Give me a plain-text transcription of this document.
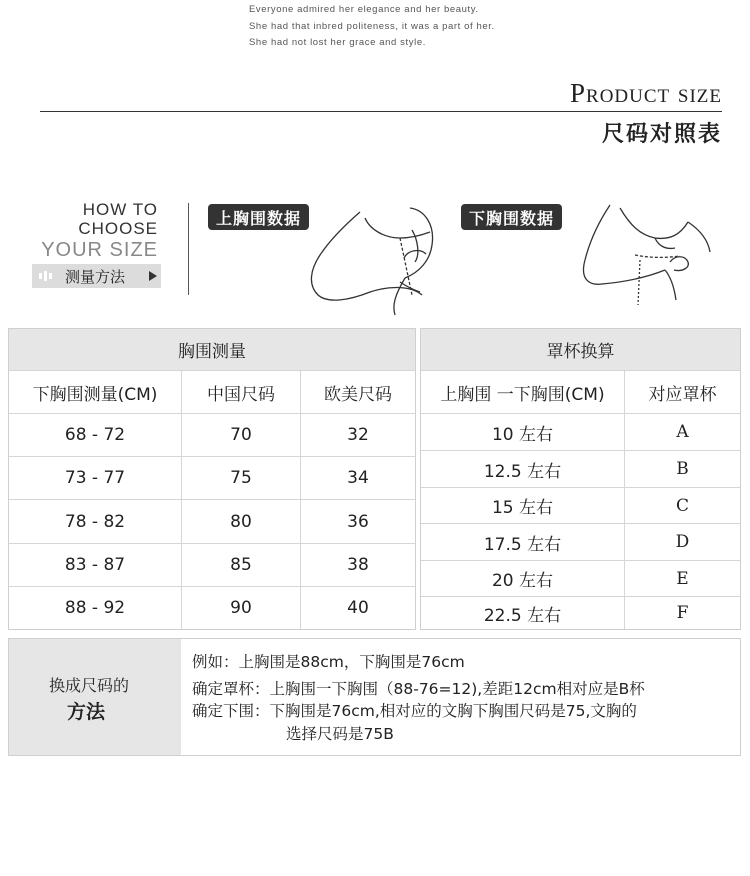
Everyone admired her elegance and her beauty.
She had that inbred politeness, it was a part of her.
She had not lost her grace and style.
Product size
尺码对照表
HOW TO
CHOOSE
YOUR SIZE
测量方法
上胸围数据	下胸围数据
胸围测量
下胸围测量(CM)	中国尺码	欧美尺码
68 - 72	70	32
73 - 77	75	34
78 - 82	80	36
83 - 87	85	38
88 - 92	90	40
罩杯换算
上胸围 一下胸围(CM)	对应罩杯
10 左右	A
12.5 左右	B
15 左右	C
17.5 左右	D
20 左右	E
22.5 左右	F
换成尺码的
方法
例如：上胸围是88cm，下胸围是76cm
确定罩杯：上胸围一下胸围（88-76=12),差距12cm相对应是B杯
确定下围：下胸围是76cm,相对应的文胸下胸围尺码是75,文胸的
选择尺码是75B
